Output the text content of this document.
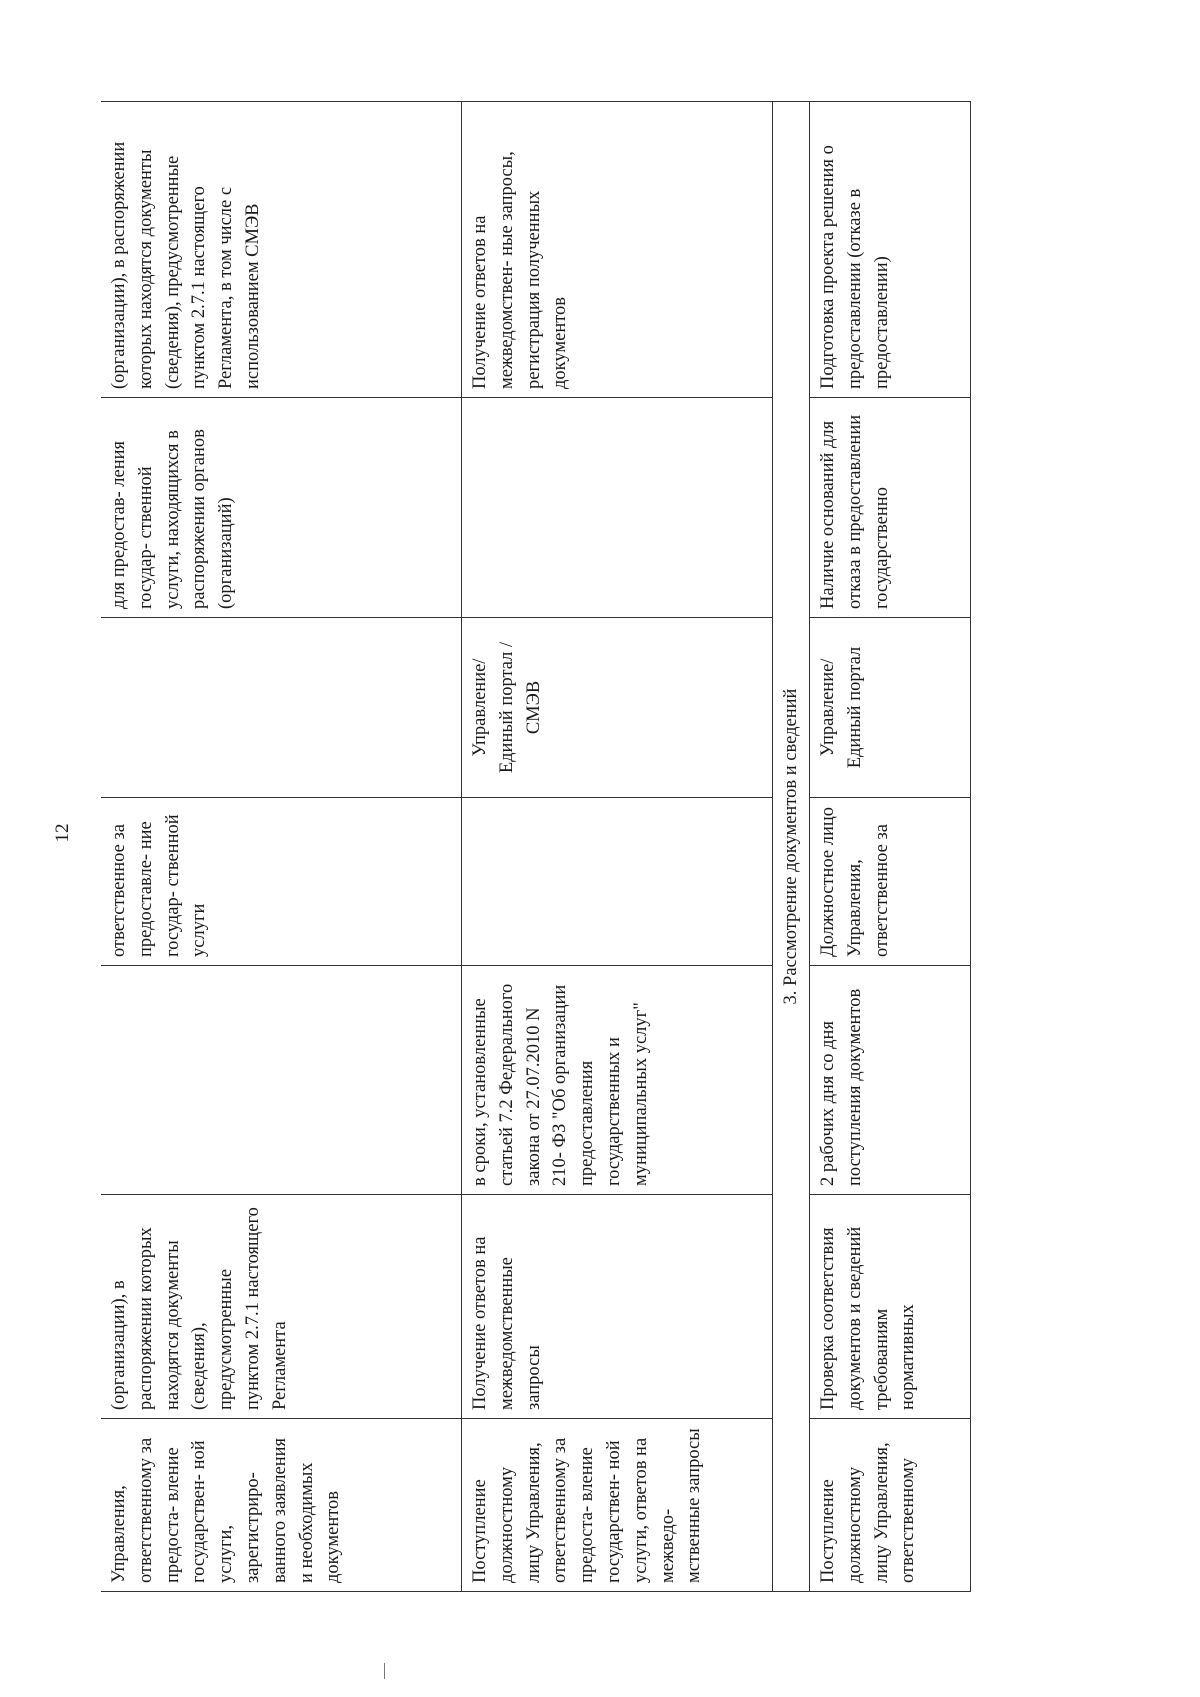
12
Управления, ответственному за предоста- вление государствен- ной услуги, зарегистриро- ванного заявления и необходимых документов	(организации), в распоряжении которых находятся документы (сведения), предусмотренные пунктом 2.7.1 настоящего Регламента		ответственное за предоставле- ние государ- ственной услуги		для предостав- ления государ- ственной услуги, находящихся в распоряжении органов (организаций)	(организации), в распоряжении которых находятся документы (сведения), предусмотренные пунктом 2.7.1 настоящего Регламента, в том числе с использованием СМЭВ
Поступление должностному лицу Управления, ответственному за предоста- вление государствен- ной услуги, ответов на межведо- мственные запросы	Получение ответов на межведомственные запросы	в сроки, установленные статьей 7.2 Федерального закона от 27.07.2010 N 210- ФЗ "Об организации предоставления государственных и муниципальных услуг"		Управление/ Единый портал /СМЭВ		Получение ответов на межведомствен- ные запросы, регистрация полученных документов
3. Рассмотрение документов и сведений						
Поступление должностному лицу Управления, ответственному	Проверка соответствия документов и сведений требованиям нормативных	2 рабочих дня со дня поступления документов	Должностное лицо Управления, ответственное за	Управление/ Единый портал	Наличие оснований для отказа в предоставлении государственно	Подготовка проекта решения о предоставлении (отказе в предоставлении)
